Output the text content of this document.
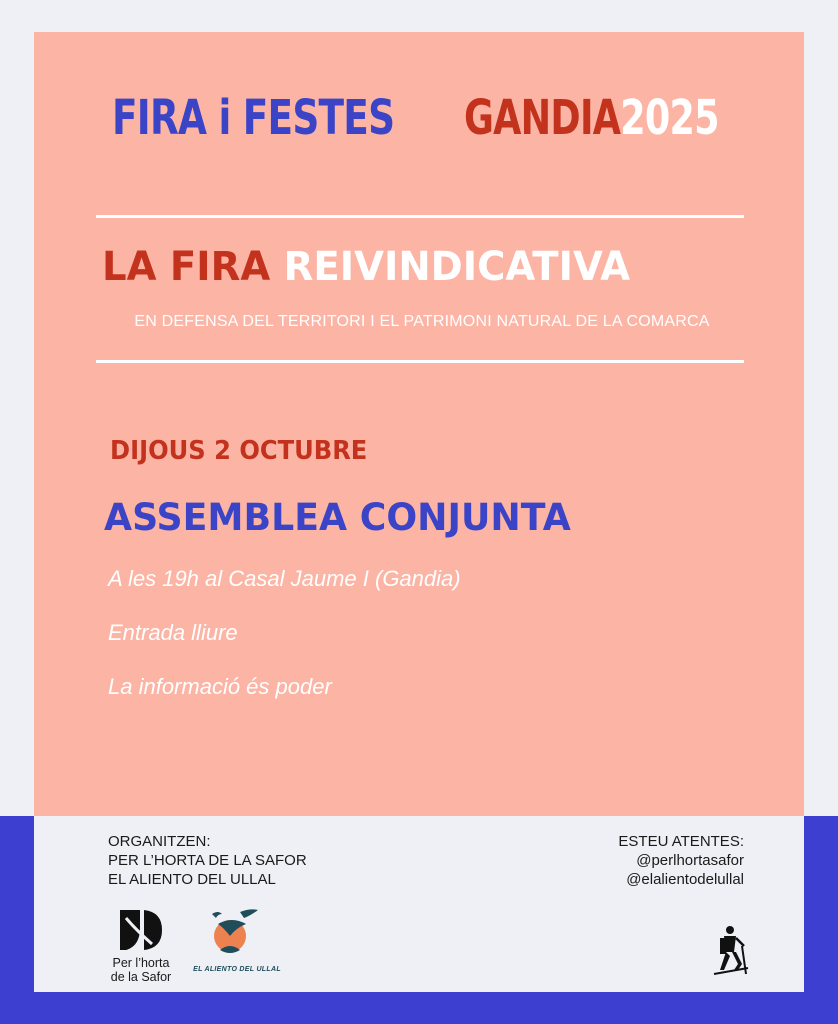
FIRA i FESTES GANDIA2025
LA FIRA REIVINDICATIVA
EN DEFENSA DEL TERRITORI I EL PATRIMONI NATURAL DE LA COMARCA
DIJOUS 2 OCTUBRE
ASSEMBLEA CONJUNTA
A les 19h al Casal Jaume I (Gandia)
Entrada lliure
La informació és poder
ORGANITZEN:
PER L’HORTA DE LA SAFOR
EL ALIENTO DEL ULLAL
ESTEU ATENTES:
@perlhortasafor
@elalientodelullal
Per l’horta
de la Safor
EL ALIENTO DEL ULLAL
